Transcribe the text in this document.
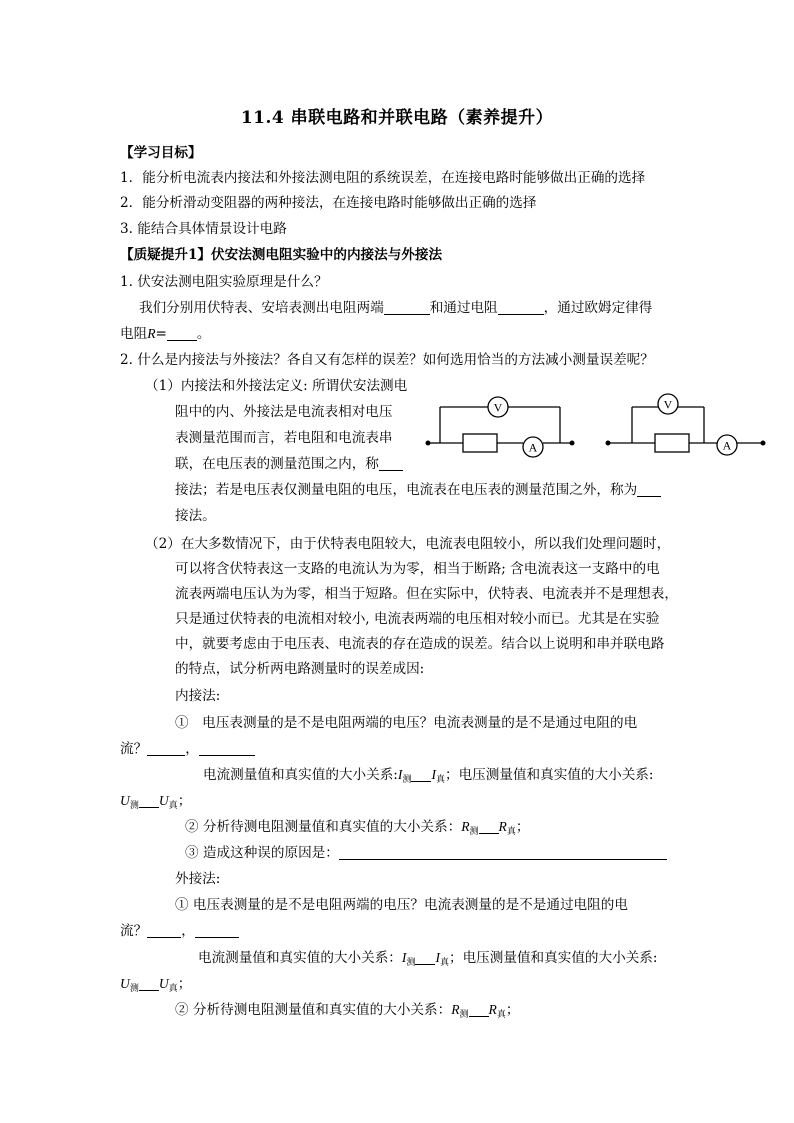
11.4 串联电路和并联电路（素养提升）
【学习目标】
1．能分析电流表内接法和外接法测电阻的系统误差，在连接电路时能够做出正确的选择
2．能分析滑动变阻器的两种接法，在连接电路时能够做出正确的选择
3. 能结合具体情景设计电路
【质疑提升1】伏安法测电阻实验中的内接法与外接法
1. 伏安法测电阻实验原理是什么？
我们分别用伏特表、安培表测出电阻两端	和通过电阻	，通过欧姆定律得
电阻R= 。
2. 什么是内接法与外接法？各自又有怎样的误差？如何选用恰当的方法减小测量误差呢？
（1）内接法和外接法定义: 所谓伏安法测电
阻中的内、外接法是电流表相对电压
表测量范围而言，若电阻和电流表串
联，在电压表的测量范围之内，称
接法；若是电压表仅测量电阻的电压，电流表在电压表的测量范围之外，称为
接法。
V
A
V
A
（2）在大多数情况下，由于伏特表电阻较大，电流表电阻较小，所以我们处理问题时，
可以将含伏特表这一支路的电流认为为零，相当于断路; 含电流表这一支路中的电
流表两端电压认为为零，相当于短路。但在实际中，伏特表、电流表并不是理想表，
只是通过伏特表的电流相对较小, 电流表两端的电压相对较小而已。尤其是在实验
中，就要考虑由于电压表、电流表的存在造成的误差。结合以上说明和串并联电路
的特点，试分析两电路测量时的误差成因:
内接法:
①　电压表测量的是不是电阻两端的电压？电流表测量的是不是通过电阻的电
流？	，
电流测量值和真实值的大小关系$:I_测$ $I_真$；电压测量值和真实值的大小关系:
$U_测$ $U_真$；
② 分析待测电阻测量值和真实值的大小关系：$R_测$ $R_真$；
③ 造成这种误的原因是：
外接法:
① 电压表测量的是不是电阻两端的电压？电流表测量的是不是通过电阻的电
流？	，
电流测量值和真实值的大小关系：$I_测$ $I_真$；电压测量值和真实值的大小关系:
$U_测$ $U_真$；
② 分析待测电阻测量值和真实值的大小关系：$R_测$ $R_真$；
